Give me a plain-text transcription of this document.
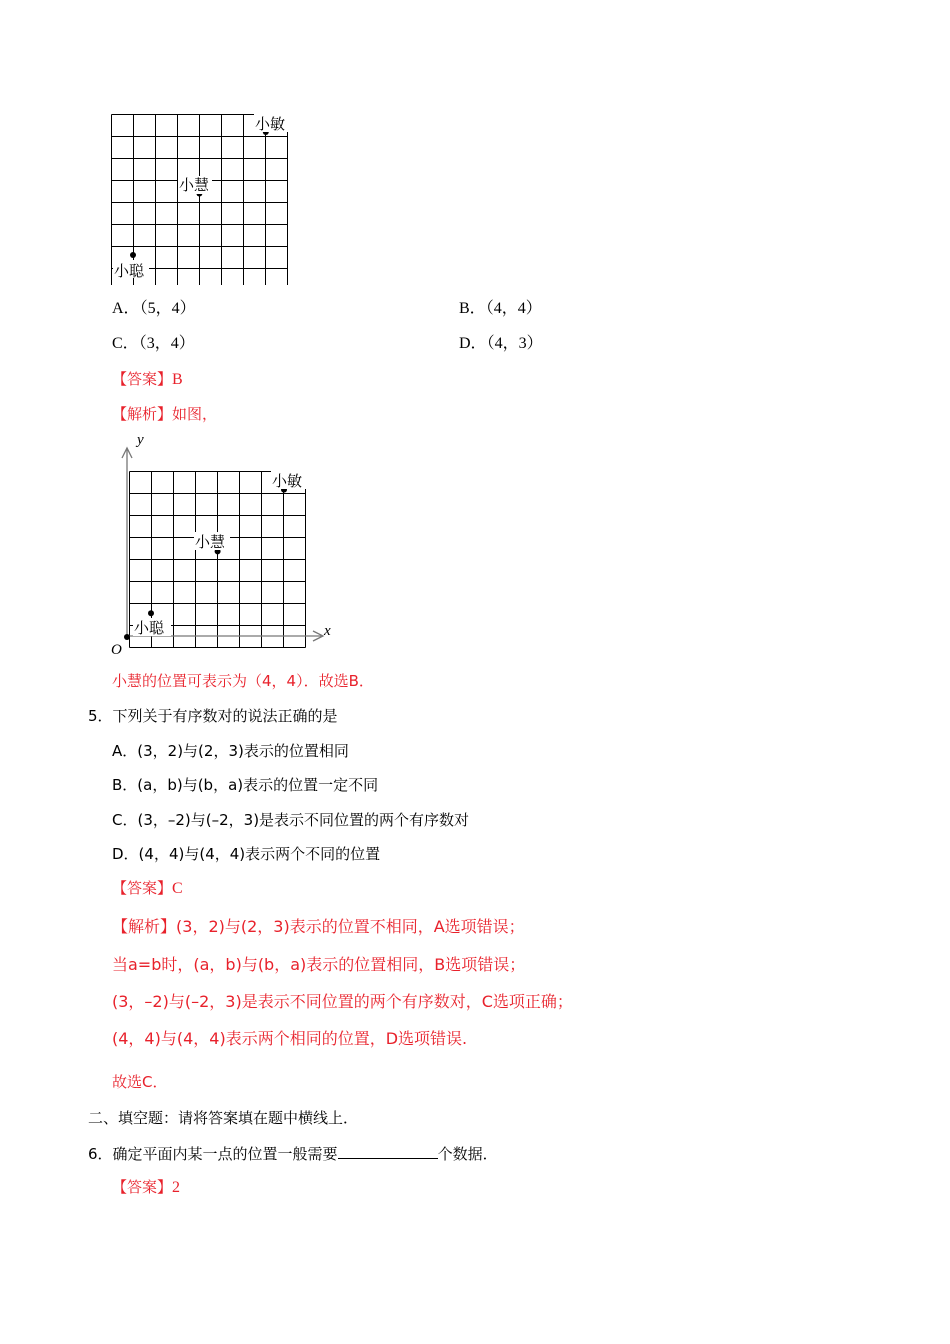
小敏
小慧
小聪
A．（5，4）	B．（4，4）
C．（3，4）	D．（4，3）
【答案】B
【解析】如图，
y
x
O
小敏
小慧
小聪
小慧的位置可表示为（4，4）．故选B．
5．下列关于有序数对的说法正确的是
A．(3，2)与(2，3)表示的位置相同
B．(a，b)与(b，a)表示的位置一定不同
C．(3，–2)与(–2，3)是表示不同位置的两个有序数对
D．(4，4)与(4，4)表示两个不同的位置
【答案】C
【解析】(3，2)与(2，3)表示的位置不相同，A选项错误；
当a=b时，(a，b)与(b，a)表示的位置相同，B选项错误；
(3，–2)与(–2，3)是表示不同位置的两个有序数对，C选项正确；
(4，4)与(4，4)表示两个相同的位置，D选项错误.
故选C．
二、填空题：请将答案填在题中横线上．
6．确定平面内某一点的位置一般需要	个数据．
【答案】2
